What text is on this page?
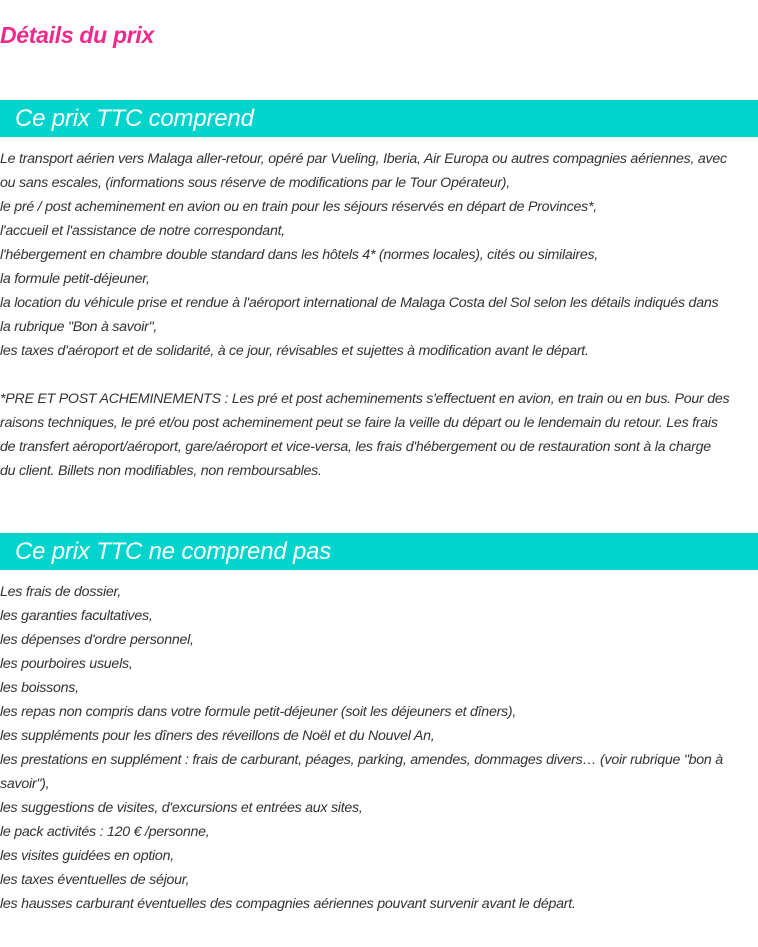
Détails du prix
Ce prix TTC comprend
Le transport aérien vers Malaga aller-retour, opéré par Vueling, Iberia, Air Europa ou autres compagnies aériennes, avec
ou sans escales, (informations sous réserve de modifications par le Tour Opérateur),
le pré / post acheminement en avion ou en train pour les séjours réservés en départ de Provinces*,
l'accueil et l'assistance de notre correspondant,
l'hébergement en chambre double standard dans les hôtels 4* (normes locales), cités ou similaires,
la formule petit-déjeuner,
la location du véhicule prise et rendue à l'aéroport international de Malaga Costa del Sol selon les détails indiqués dans
la rubrique "Bon à savoir",
les taxes d'aéroport et de solidarité, à ce jour, révisables et sujettes à modification avant le départ.
*PRE ET POST ACHEMINEMENTS : Les pré et post acheminements s'effectuent en avion, en train ou en bus. Pour des
raisons techniques, le pré et/ou post acheminement peut se faire la veille du départ ou le lendemain du retour. Les frais
de transfert aéroport/aéroport, gare/aéroport et vice-versa, les frais d'hébergement ou de restauration sont à la charge
du client. Billets non modifiables, non remboursables.
Ce prix TTC ne comprend pas
Les frais de dossier,
les garanties facultatives,
les dépenses d'ordre personnel,
les pourboires usuels,
les boissons,
les repas non compris dans votre formule petit-déjeuner (soit les déjeuners et dîners),
les suppléments pour les dîners des réveillons de Noël et du Nouvel An,
les prestations en supplément : frais de carburant, péages, parking, amendes, dommages divers… (voir rubrique "bon à
savoir"),
les suggestions de visites, d'excursions et entrées aux sites,
le pack activités : 120 € /personne,
les visites guidées en option,
les taxes éventuelles de séjour,
les hausses carburant éventuelles des compagnies aériennes pouvant survenir avant le départ.
